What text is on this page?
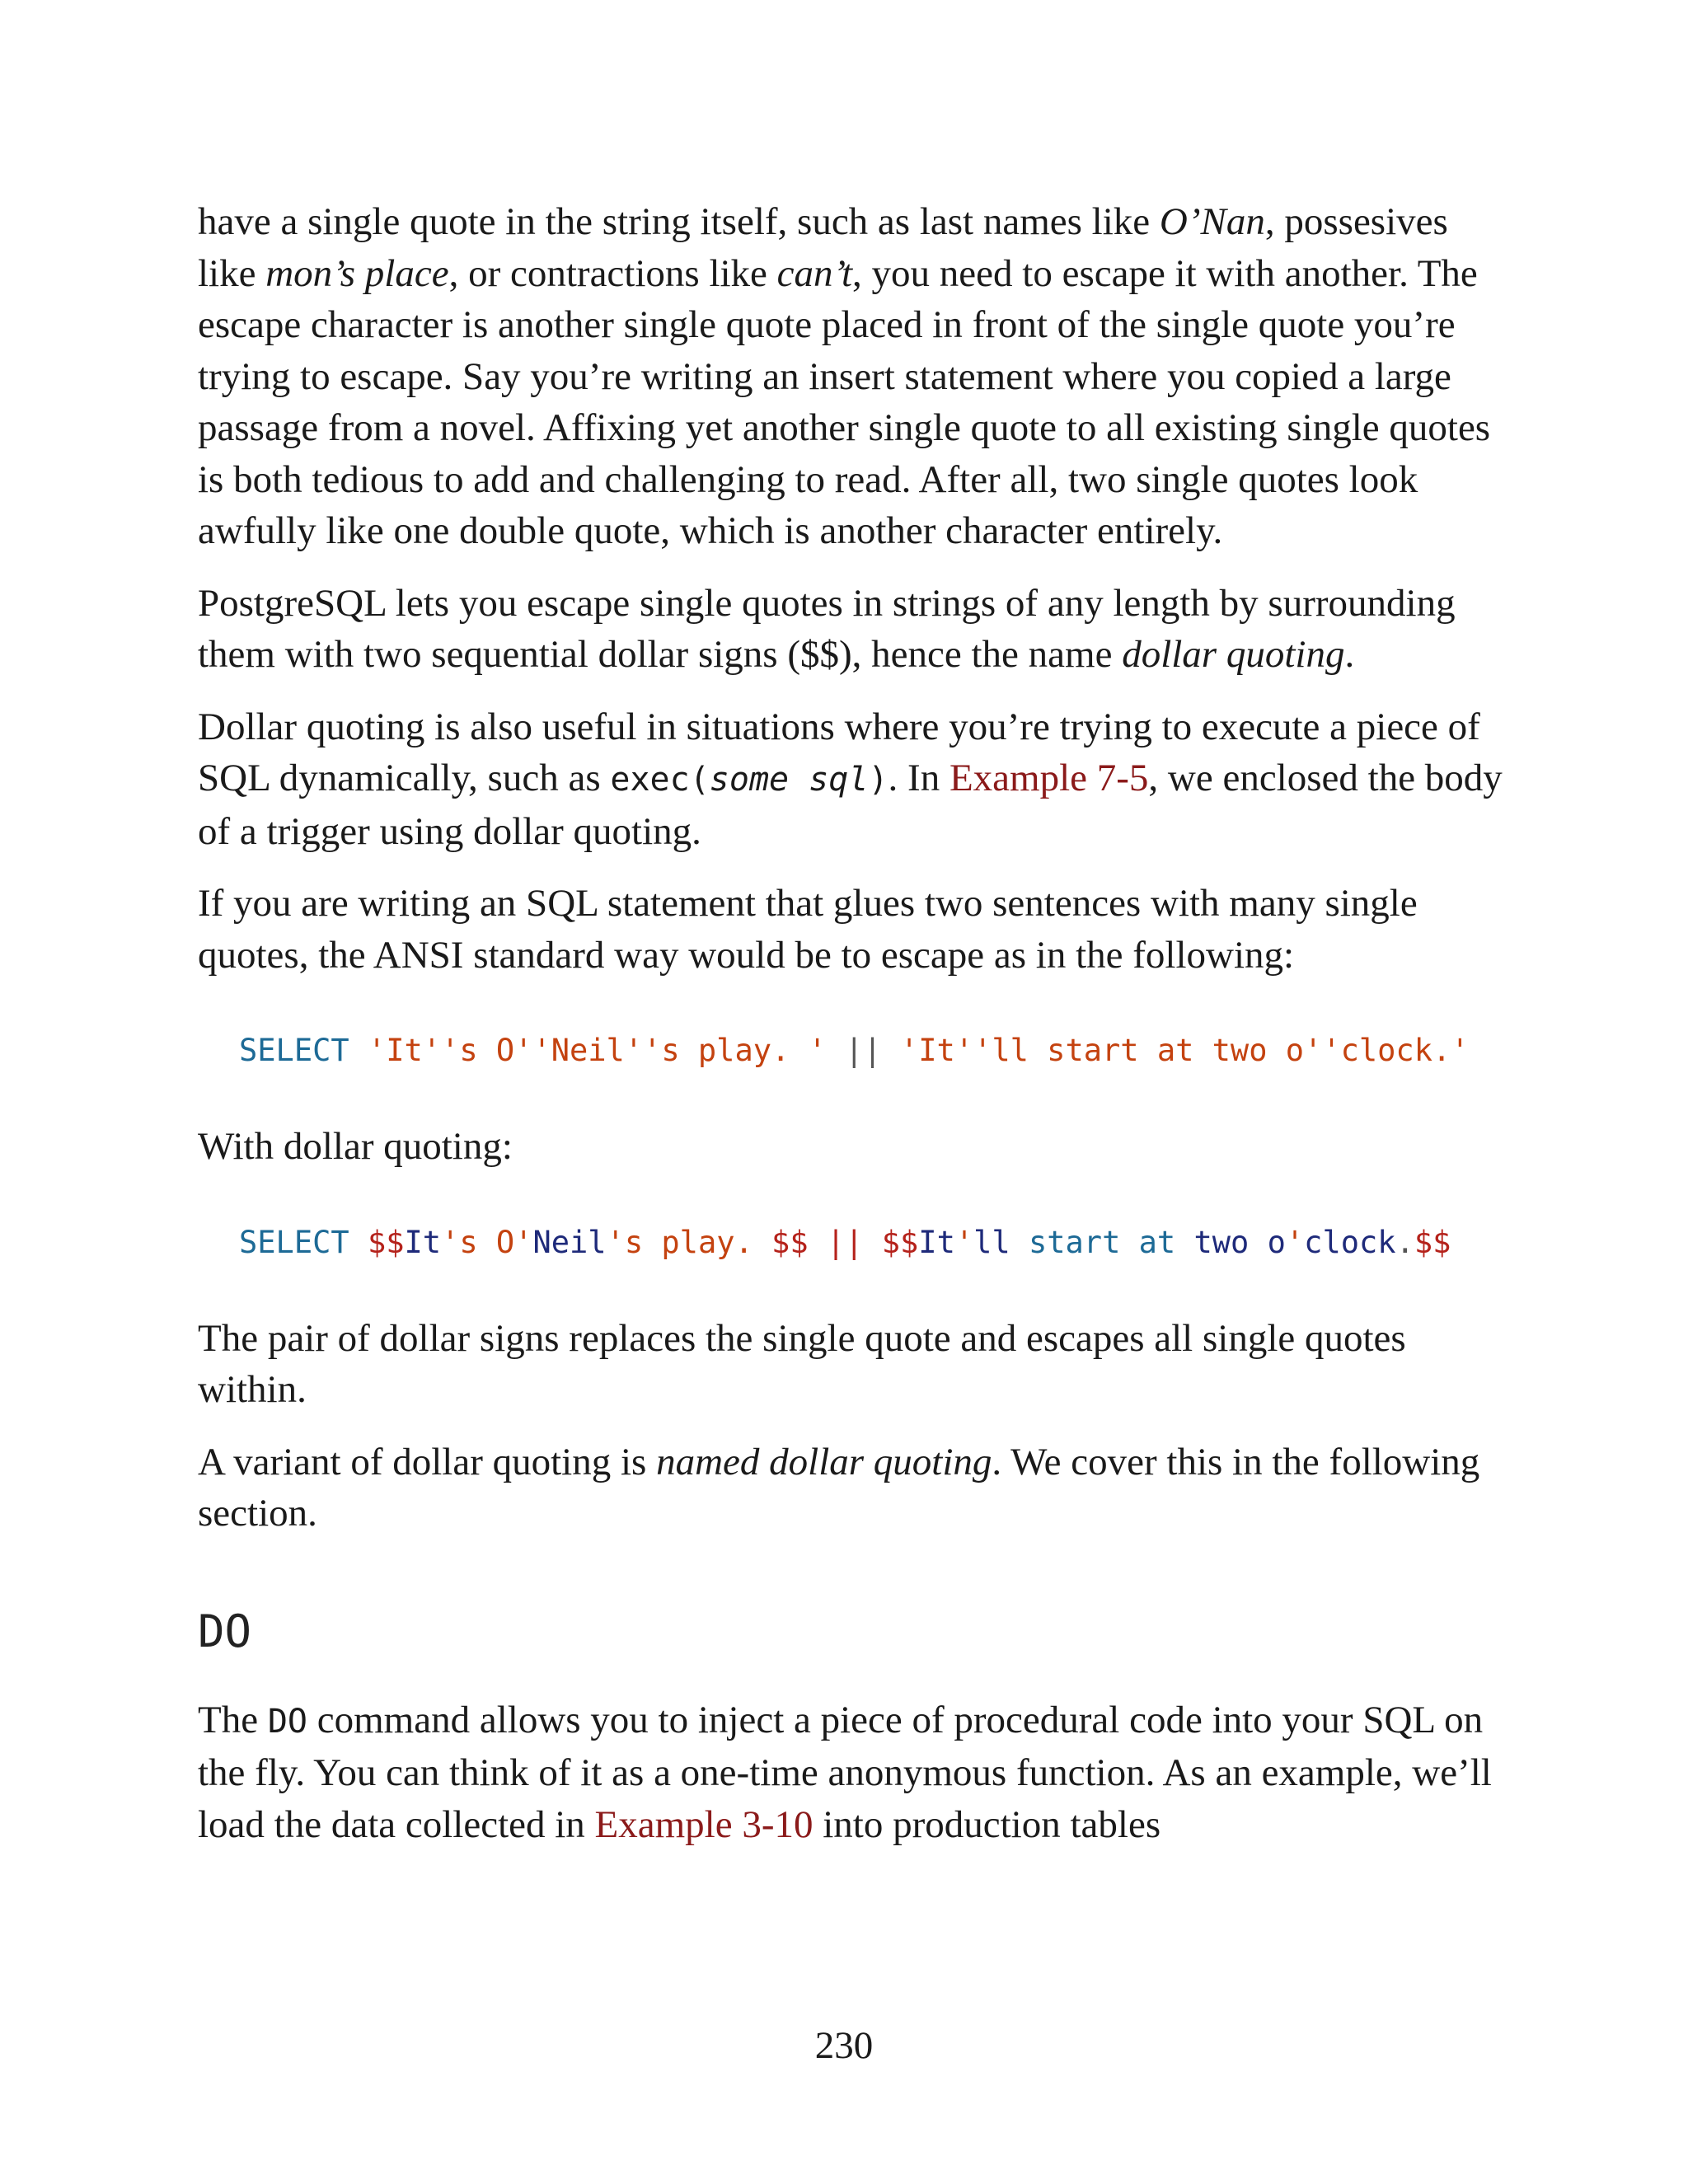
have a single quote in the string itself, such as last names like O’Nan, possesives like mon’s place, or contractions like can’t, you need to escape it with another. The escape character is another single quote placed in front of the single quote you’re trying to escape. Say you’re writing an insert statement where you copied a large passage from a novel. Affixing yet another single quote to all existing single quotes is both tedious to add and challenging to read. After all, two single quotes look awfully like one double quote, which is another character entirely.

PostgreSQL lets you escape single quotes in strings of any length by surrounding them with two sequential dollar signs ($$), hence the name dollar quoting.

Dollar quoting is also useful in situations where you’re trying to execute a piece of SQL dynamically, such as exec(some sql). In Example 7-5, we enclosed the body of a trigger using dollar quoting.

If you are writing an SQL statement that glues two sentences with many single quotes, the ANSI standard way would be to escape as in the following:

SELECT 'It''s O''Neil''s play. ' || 'It''ll start at two o''clock.'

With dollar quoting:

SELECT $$It's O'Neil's play. $$ || $$It'll start at two o'clock.$$

The pair of dollar signs replaces the single quote and escapes all single quotes within.

A variant of dollar quoting is named dollar quoting. We cover this in the following section.

DO

The DO command allows you to inject a piece of procedural code into your SQL on the fly. You can think of it as a one-time anonymous function. As an example, we’ll load the data collected in Example 3-10 into production tables

230
